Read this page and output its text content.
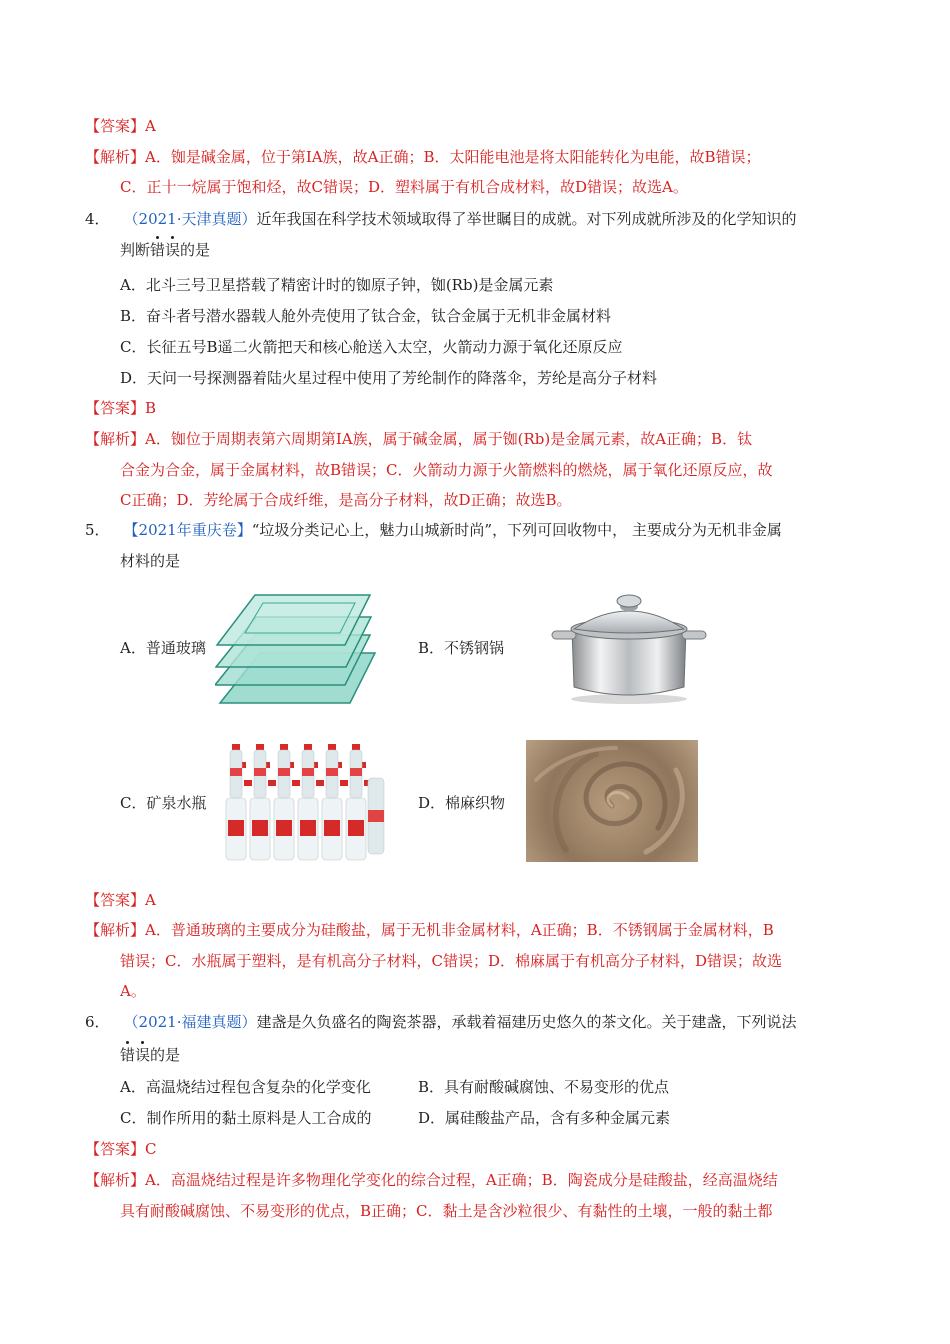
【答案】A
【解析】A．铷是碱金属，位于第ⅠA族，故A正确；B．太阳能电池是将太阳能转化为电能，故B错误；
C．正十一烷属于饱和烃，故C错误；D．塑料属于有机合成材料，故D错误；故选A。
4． （2021·天津真题）近年我国在科学技术领域取得了举世瞩目的成就。对下列成就所涉及的化学知识的
判断错误的是
A．北斗三号卫星搭载了精密计时的铷原子钟，铷(Rb)是金属元素
B．奋斗者号潜水器载人舱外壳使用了钛合金，钛合金属于无机非金属材料
C．长征五号B遥二火箭把天和核心舱送入太空，火箭动力源于氧化还原反应
D．天问一号探测器着陆火星过程中使用了芳纶制作的降落伞，芳纶是高分子材料
【答案】B
【解析】A．铷位于周期表第六周期第ⅠA族，属于碱金属，属于铷(Rb)是金属元素，故A正确；B．钛
合金为合金，属于金属材料，故B错误；C．火箭动力源于火箭燃料的燃烧，属于氧化还原反应，故
C正确；D．芳纶属于合成纤维，是高分子材料，故D正确；故选B。
5． 【2021年重庆卷】“垃圾分类记心上，魅力山城新时尚”，下列可回收物中， 主要成分为无机非金属
材料的是
A．普通玻璃	B．不锈钢锅
C．矿泉水瓶	D．棉麻织物
【答案】A
【解析】A．普通玻璃的主要成分为硅酸盐，属于无机非金属材料，A正确；B．不锈钢属于金属材料，B
错误；C．水瓶属于塑料，是有机高分子材料，C错误；D．棉麻属于有机高分子材料，D错误；故选
A。
6． （2021·福建真题）建盏是久负盛名的陶瓷茶器，承载着福建历史悠久的茶文化。关于建盏，下列说法
错误的是
A．高温烧结过程包含复杂的化学变化	B．具有耐酸碱腐蚀、不易变形的优点
C．制作所用的黏土原料是人工合成的	D．属硅酸盐产品，含有多种金属元素
【答案】C
【解析】A．高温烧结过程是许多物理化学变化的综合过程，A正确；B．陶瓷成分是硅酸盐，经高温烧结
具有耐酸碱腐蚀、不易变形的优点，B正确；C．黏土是含沙粒很少、有黏性的土壤，一般的黏土都
